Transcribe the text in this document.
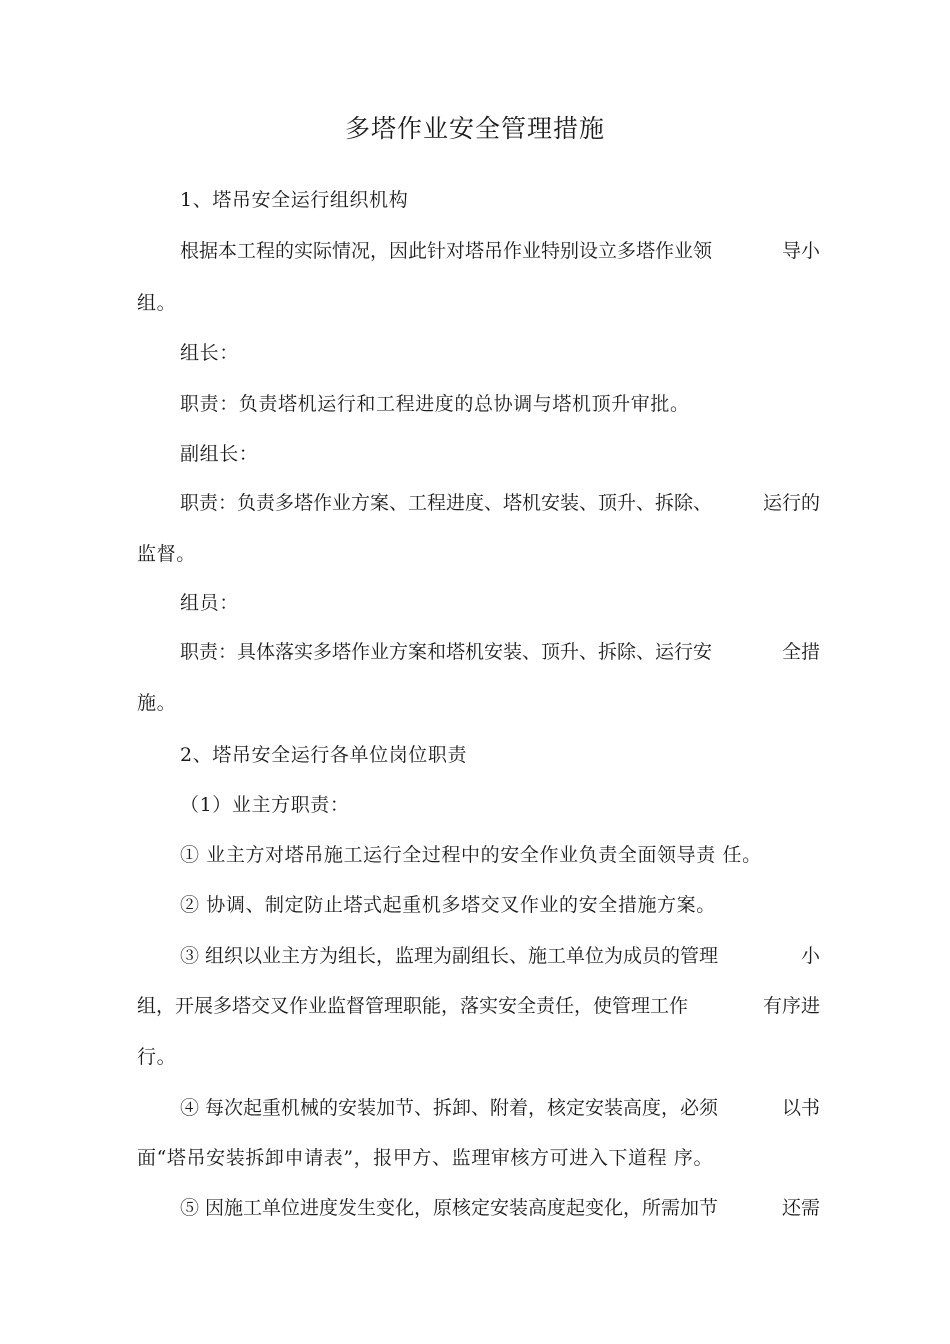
多塔作业安全管理措施
1、塔吊安全运行组织机构
根据本工程的实际情况，因此针对塔吊作业特别设立多塔作业领	导小
组。
组长：
职责：负责塔机运行和工程进度的总协调与塔机顶升审批。
副组长：
职责：负责多塔作业方案、工程进度、塔机安装、顶升、拆除、	运行的
监督。
组员：
职责：具体落实多塔作业方案和塔机安装、顶升、拆除、运行安	全措
施。
2、塔吊安全运行各单位岗位职责
（1）业主方职责：
① 业主方对塔吊施工运行全过程中的安全作业负责全面领导责 任。
② 协调、制定防止塔式起重机多塔交叉作业的安全措施方案。
③ 组织以业主方为组长，监理为副组长、施工单位为成员的管理	小
组，开展多塔交叉作业监督管理职能，落实安全责任，使管理工作	有序进
行。
④ 每次起重机械的安装加节、拆卸、附着，核定安装高度，必须	以书
面“塔吊安装拆卸申请表”，报甲方、监理审核方可进入下道程 序。
⑤ 因施工单位进度发生变化，原核定安装高度起变化，所需加节	还需
